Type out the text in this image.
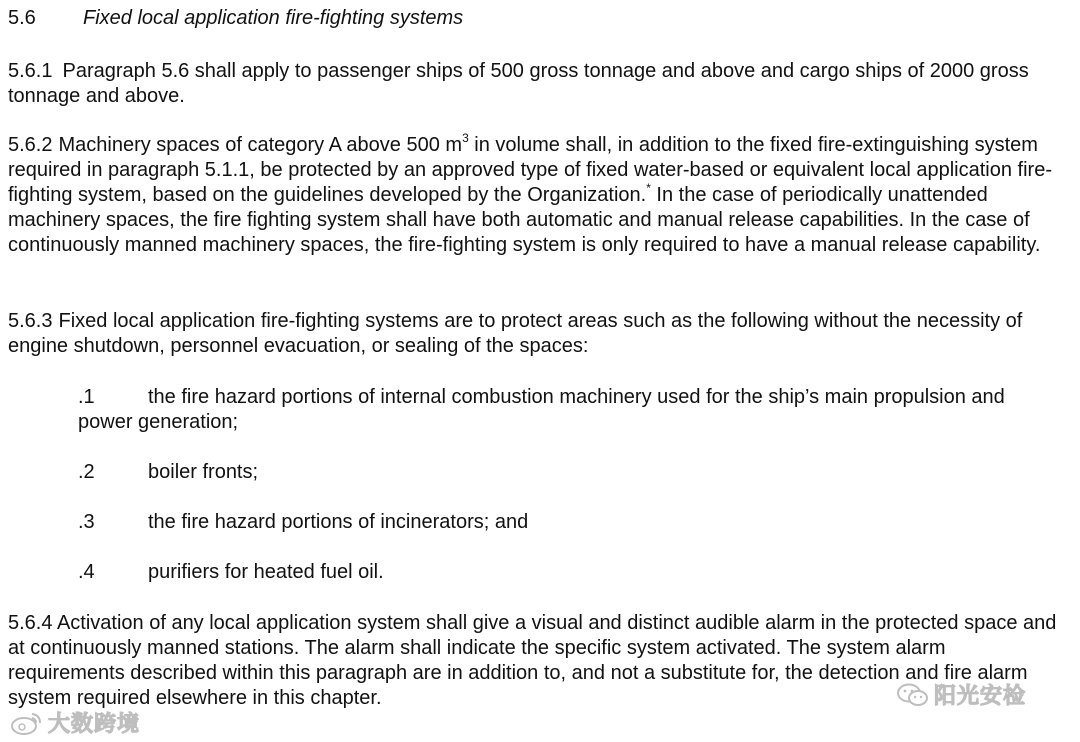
5.6 Fixed local application fire-fighting systems
5.6.1 Paragraph 5.6 shall apply to passenger ships of 500 gross tonnage and above and cargo ships of 2000 gross tonnage and above.
5.6.2 Machinery spaces of category A above 500 $m^3$ in volume shall, in addition to the fixed fire-extinguishing system required in paragraph 5.1.1, be protected by an approved type of fixed water-based or equivalent local application fire-fighting system, based on the guidelines developed by the Organization.* In the case of periodically unattended machinery spaces, the fire fighting system shall have both automatic and manual release capabilities. In the case of continuously manned machinery spaces, the fire-fighting system is only required to have a manual release capability.
5.6.3 Fixed local application fire-fighting systems are to protect areas such as the following without the necessity of engine shutdown, personnel evacuation, or sealing of the spaces:
.1	the fire hazard portions of internal combustion machinery used for the ship’s main propulsion and power generation;
.2	boiler fronts;
.3	the fire hazard portions of incinerators; and
.4	purifiers for heated fuel oil.
5.6.4 Activation of any local application system shall give a visual and distinct audible alarm in the protected space and at continuously manned stations. The alarm shall indicate the specific system activated. The system alarm requirements described within this paragraph are in addition to, and not a substitute for, the detection and fire alarm system required elsewhere in this chapter.
大数跨境
阳光安检
